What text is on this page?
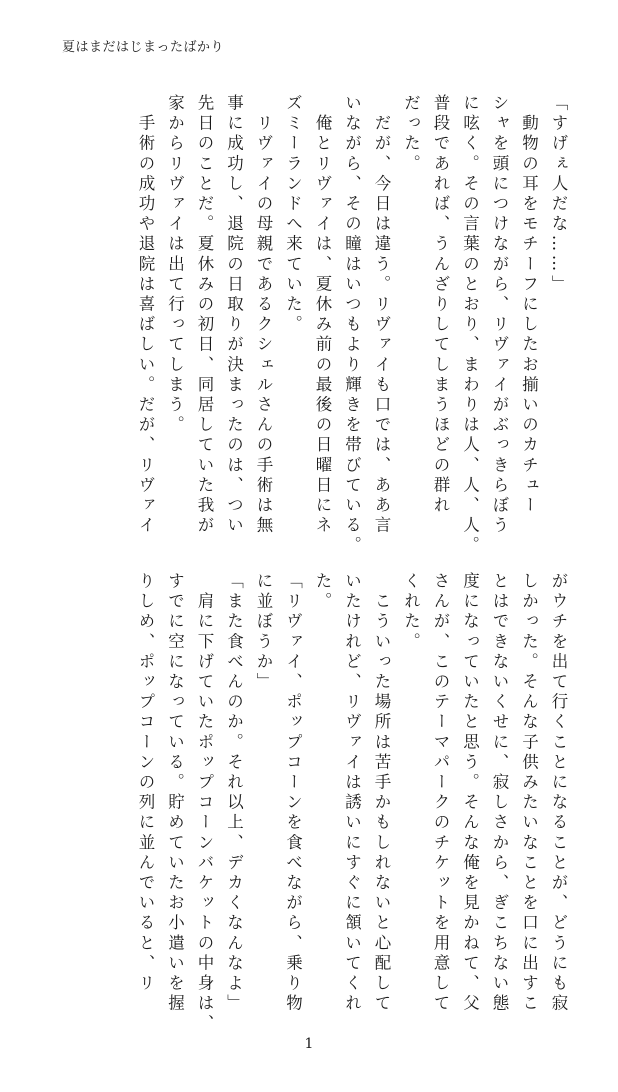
夏はまだはじまったばかり
「すげぇ人だな……」
　動物の耳をモチーフにしたお揃いのカチュー
シャを頭につけながら、リヴァイがぶっきらぼう
に呟く。その言葉のとおり、まわりは人、人、人。
普段であれば、うんざりしてしまうほどの群れ
だった。
　だが、今日は違う。リヴァイも口では、ああ言
いながら、その瞳はいつもより輝きを帯びている。
　俺とリヴァイは、夏休み前の最後の日曜日にネ
ズミーランドへ来ていた。
　リヴァイの母親であるクシェルさんの手術は無
事に成功し、退院の日取りが決まったのは、つい
先日のことだ。夏休みの初日、同居していた我が
家からリヴァイは出て行ってしまう。
　手術の成功や退院は喜ばしい。だが、リヴァイ
がウチを出て行くことになることが、どうにも寂
しかった。そんな子供みたいなことを口に出すこ
とはできないくせに、寂しさから、ぎこちない態
度になっていたと思う。そんな俺を見かねて、父
さんが、このテーマパークのチケットを用意して
くれた。
　こういった場所は苦手かもしれないと心配して
いたけれど、リヴァイは誘いにすぐに頷いてくれ
た。
「リヴァイ、ポップコーンを食べながら、乗り物
に並ぼうか」
「また食べんのか。それ以上、デカくなんなよ」
　肩に下げていたポップコーンバケットの中身は、
すでに空になっている。貯めていたお小遣いを握
りしめ、ポップコーンの列に並んでいると、リ
1
